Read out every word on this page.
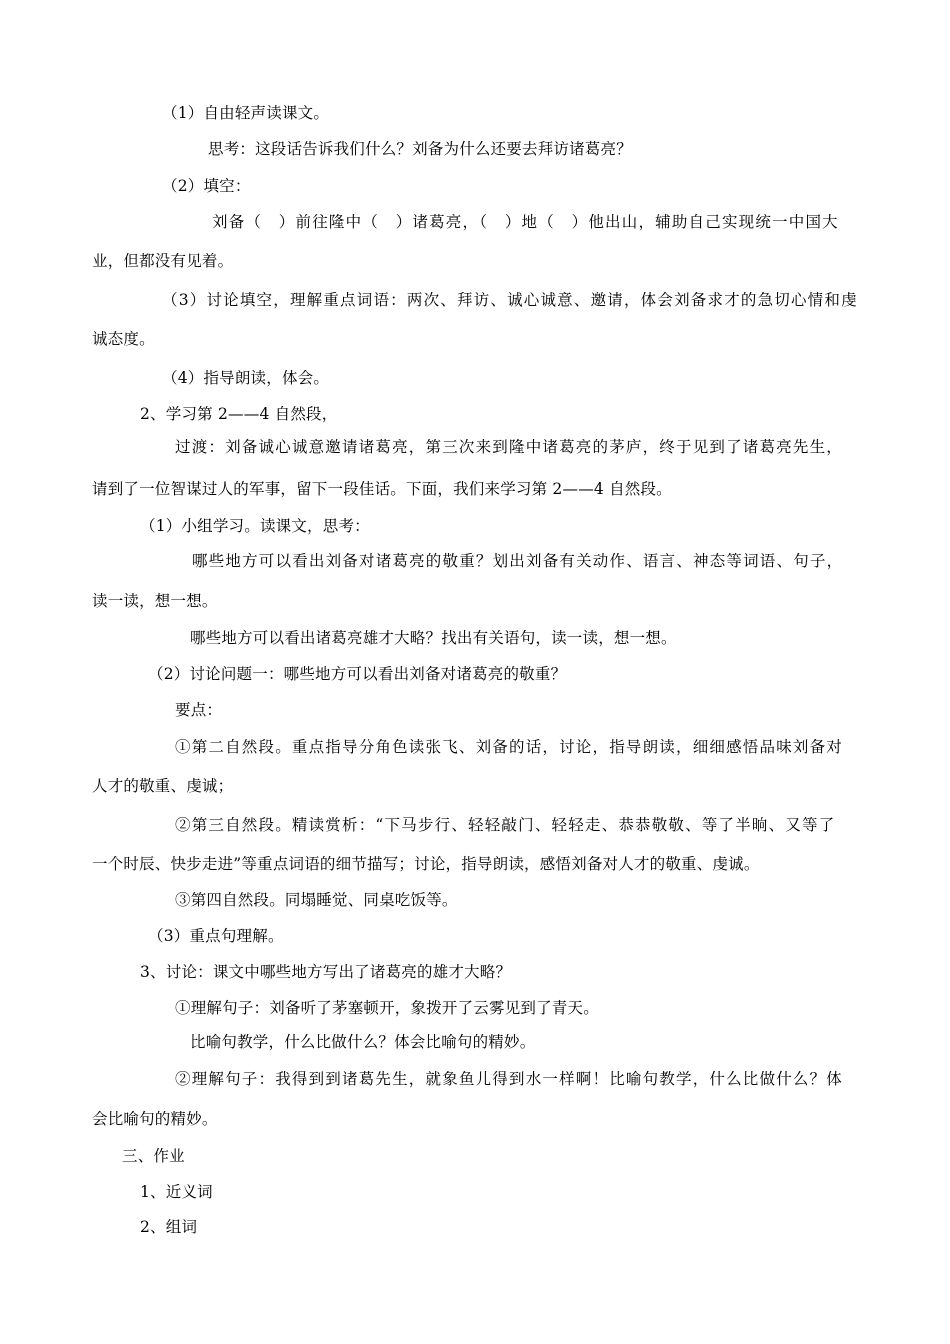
（1）自由轻声读课文。
思考：这段话告诉我们什么？刘备为什么还要去拜访诸葛亮？
（2）填空：
刘备（　）前往隆中（　）诸葛亮，（　）地（　）他出山，辅助自己实现统一中国大
业，但都没有见着。
（3）讨论填空，理解重点词语：两次、拜访、诚心诚意、邀请，体会刘备求才的急切心情和虔
诚态度。
（4）指导朗读，体会。
2、学习第 2——4 自然段，
过渡：刘备诚心诚意邀请诸葛亮，第三次来到隆中诸葛亮的茅庐，终于见到了诸葛亮先生，
请到了一位智谋过人的军事，留下一段佳话。下面，我们来学习第 2——4 自然段。
（1）小组学习。读课文，思考：
哪些地方可以看出刘备对诸葛亮的敬重？划出刘备有关动作、语言、神态等词语、句子，
读一读，想一想。
哪些地方可以看出诸葛亮雄才大略？找出有关语句，读一读，想一想。
（2）讨论问题一：哪些地方可以看出刘备对诸葛亮的敬重？
要点：
①第二自然段。重点指导分角色读张飞、刘备的话，讨论，指导朗读，细细感悟品味刘备对
人才的敬重、虔诚；
②第三自然段。精读赏析：“下马步行、轻轻敲门、轻轻走、恭恭敬敬、等了半晌、又等了
一个时辰、快步走进”等重点词语的细节描写；讨论，指导朗读，感悟刘备对人才的敬重、虔诚。
③第四自然段。同塌睡觉、同桌吃饭等。
（3）重点句理解。
3、讨论：课文中哪些地方写出了诸葛亮的雄才大略？
①理解句子：刘备听了茅塞顿开，象拨开了云雾见到了青天。
比喻句教学，什么比做什么？体会比喻句的精妙。
②理解句子：我得到到诸葛先生，就象鱼儿得到水一样啊！比喻句教学，什么比做什么？体
会比喻句的精妙。
三、作业
1、近义词
2、组词
